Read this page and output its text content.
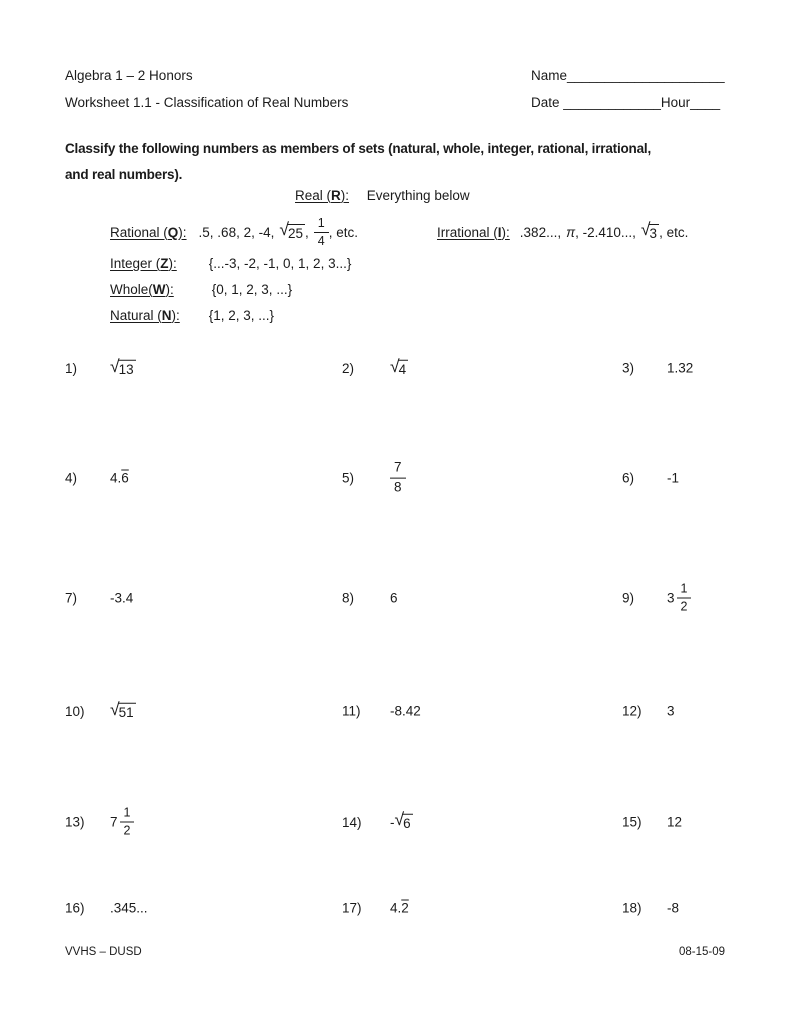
Algebra 1 – 2 Honors
Worksheet 1.1 - Classification of Real Numbers
Name_____________________
Date _____________Hour____
Classify the following numbers as members of sets (natural, whole, integer, rational, irrational,
and real numbers).
Real (R): Everything below
Rational (Q): .5, .68, 2, -4, √ 25 , $\frac{1}{4}$ , etc.	Irrational (I): .382..., π , -2.410..., √ 3 , etc.
Integer (Z): {...-3, -2, -1, 0, 1, 2, 3...}
Whole(W):	{0, 1, 2, 3, ...}
Natural (N): {1, 2, 3, ...}
1)	√ 13	2)	√ 4	3)	1.32
4)	4. 6	5)	$\frac{7}{8}$	6)	-1
7)	-3.4	8)	6	9)	$3 \frac{1}{2}$
10)	√ 51	11)	-8.42	12)	3
13)	$7 \frac{1}{2}$	14)	- √ 6	15)	12
16)	.345...	17)	4. 2	18)	-8
VVHS – DUSD	08-15-09
